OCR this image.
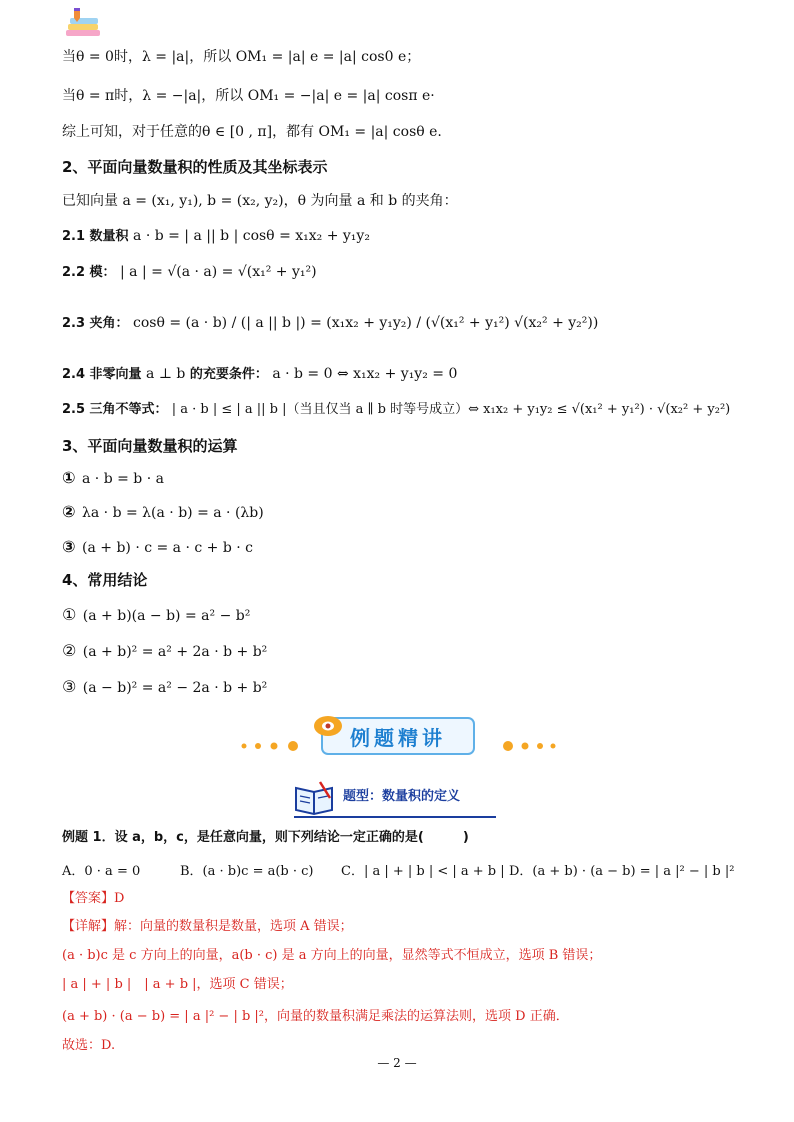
当θ = 0时，λ = |a|，所以 OM₁ = |a| e = |a| cos0 e；
当θ = π时，λ = −|a|，所以 OM₁ = −|a| e = |a| cosπ e·
综上可知，对于任意的θ ∈ [0 , π]，都有 OM₁ = |a| cosθ e.
2、平面向量数量积的性质及其坐标表示
已知向量 a = (x₁, y₁), b = (x₂, y₂)，θ 为向量 a 和 b 的夹角：
2.1 数量积 a · b = | a || b | cosθ = x₁x₂ + y₁y₂
2.2 模： | a | = √(a · a) = √(x₁² + y₁²)
2.3 夹角： cosθ = (a · b) / (| a || b |) = (x₁x₂ + y₁y₂) / (√(x₁² + y₁²) √(x₂² + y₂²))
2.4 非零向量 a ⊥ b 的充要条件： a · b = 0 ⇔ x₁x₂ + y₁y₂ = 0
2.5 三角不等式： | a · b | ≤ | a || b |（当且仅当 a ∥ b 时等号成立）⇔ x₁x₂ + y₁y₂ ≤ √(x₁² + y₁²) · √(x₂² + y₂²)
3、平面向量数量积的运算
① a · b = b · a
② λa · b = λ(a · b) = a · (λb)
③ (a + b) · c = a · c + b · c
4、常用结论
① (a + b)(a − b) = a² − b²
② (a + b)² = a² + 2a · b + b²
③ (a − b)² = a² − 2a · b + b²
例题精讲
题型：数量积的定义
例题 1．设 a，b，c，是任意向量，则下列结论一定正确的是(　　　)
A．0 · a = 0	B．(a · b)c = a(b · c) C．| a | + | b | < | a + b | D．(a + b) · (a − b) = | a |² − | b |²
【答案】D
【详解】解：向量的数量积是数量，选项 A 错误；
(a · b)c 是 c 方向上的向量，a(b · c) 是 a 方向上的向量，显然等式不恒成立，选项 B 错误；
| a | + | b |　| a + b |，选项 C 错误；
(a + b) · (a − b) = | a |² − | b |²，向量的数量积满足乘法的运算法则，选项 D 正确．
故选：D.
— 2 —
